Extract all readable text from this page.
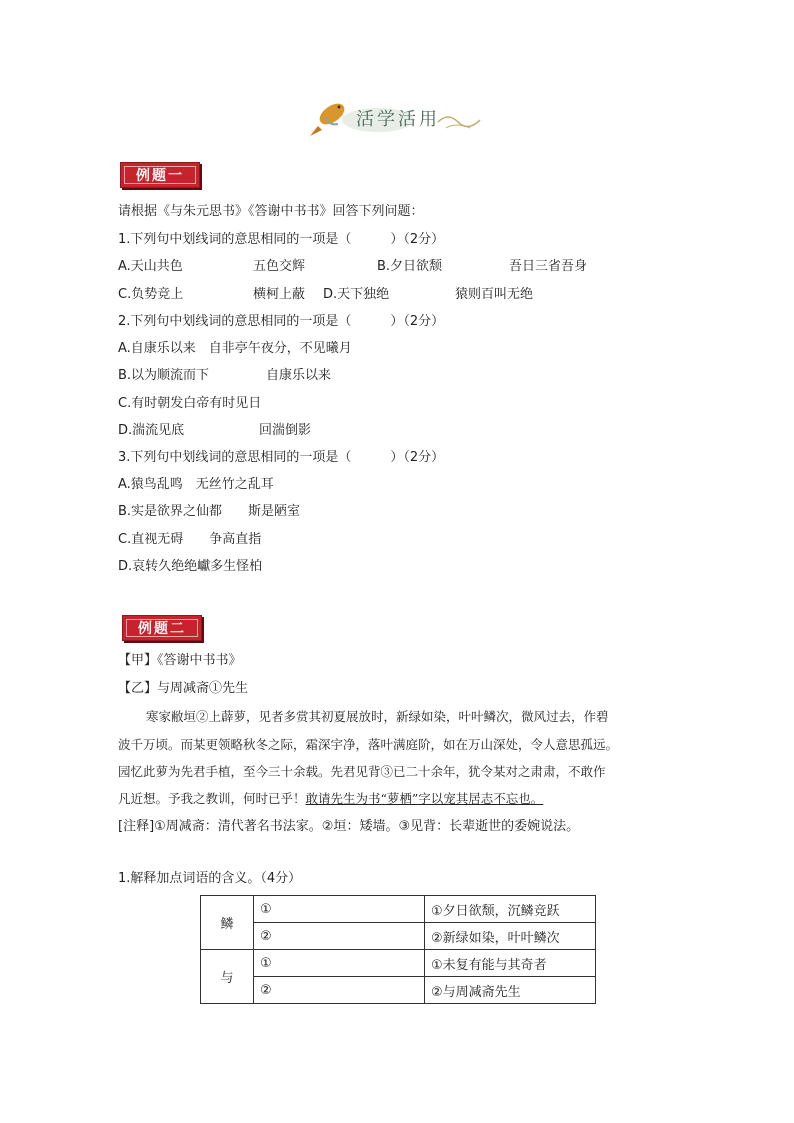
活学活用
例题一
请根据《与朱元思书》《答谢中书书》回答下列问题：
1.下列句中划线词的意思相同的一项是（　　　）（2分）
A.天山共色	五色交辉	B.夕日欲颓	吾日三省吾身
C.负势竞上	横柯上蔽 D.天下独绝	猿则百叫无绝
2.下列句中划线词的意思相同的一项是（　　　）（2分）
A.自康乐以来　自非亭午夜分，不见曦月
B.以为顺流而下	自康乐以来
C.有时朝发白帝有时见日
D.湍流见底	回湍倒影
3.下列句中划线词的意思相同的一项是（　　　）（2分）
A.猿鸟乱鸣　无丝竹之乱耳
B.实是欲界之仙都　　斯是陋室
C.直视无碍　　争高直指
D.哀转久绝绝巘多生怪柏
例题二
【甲】《答谢中书书》
【乙】与周减斋①先生
寒家敝垣②上薜萝，见者多赏其初夏展放时，新绿如染，叶叶鳞次，微风过去，作碧
波千万顷。而某更领略秋冬之际，霜深宇净，落叶满庭阶，如在万山深处，令人意思孤远。
园忆此萝为先君手植，至今三十余载。先君见背③已二十余年，犹令某对之肃肃，不敢作
凡近想。予我之教训，何时已乎！敢请先生为书“萝栖”字以宠其居志不忘也。
[注释]①周减斋：清代著名书法家。②垣：矮墙。③见背：长辈逝世的委婉说法。
1.解释加点词语的含义。（4分）
鳞	①	①夕日欲颓，沉鳞竞跃
	②	②新绿如染，叶叶鳞次
与	①	①未复有能与其奇者
	②	②与周减斋先生
